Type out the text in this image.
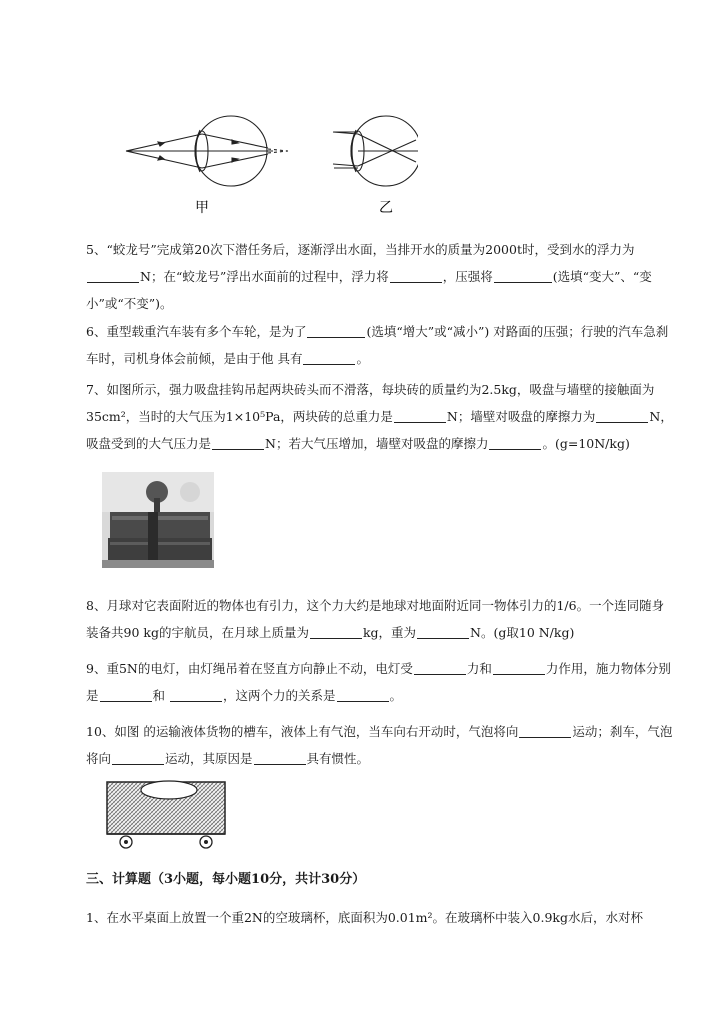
甲	乙
5、“蛟龙号”完成第20次下潜任务后，逐渐浮出水面，当排开水的质量为2000t时，受到水的浮力为N；在“蛟龙号”浮出水面前的过程中，浮力将	，压强将	(选填“变大”、“变小”或“不变”)。
6、重型载重汽车装有多个车轮，是为了	(选填“增大”或“减小”) 对路面的压强；行驶的汽车急刹车时，司机身体会前倾，是由于他 具有	。
7、如图所示，强力吸盘挂钩吊起两块砖头而不滑落，每块砖的质量约为2.5kg，吸盘与墙壁的接触面为35cm²，当时的大气压为1×10⁵Pa，两块砖的总重力是	N；墙壁对吸盘的摩擦力为	N，吸盘受到的大气压力是	N；若大气压增加，墙壁对吸盘的摩擦力	。(g=10N/kg)
8、月球对它表面附近的物体也有引力，这个力大约是地球对地面附近同一物体引力的1/6。一个连同随身装备共90 kg的宇航员，在月球上质量为	kg，重为	N。(g取10 N/kg)
9、重5N的电灯，由灯绳吊着在竖直方向静止不动，电灯受	力和	力作用，施力物体分别是	和	，这两个力的关系是	。
10、如图 的运输液体货物的槽车，液体上有气泡，当车向右开动时，气泡将向	运动；刹车，气泡将向	运动，其原因是	具有惯性。
三、计算题（3小题，每小题10分，共计30分）
1、在水平桌面上放置一个重2N的空玻璃杯，底面积为0.01m²。在玻璃杯中装入0.9kg水后，水对杯
